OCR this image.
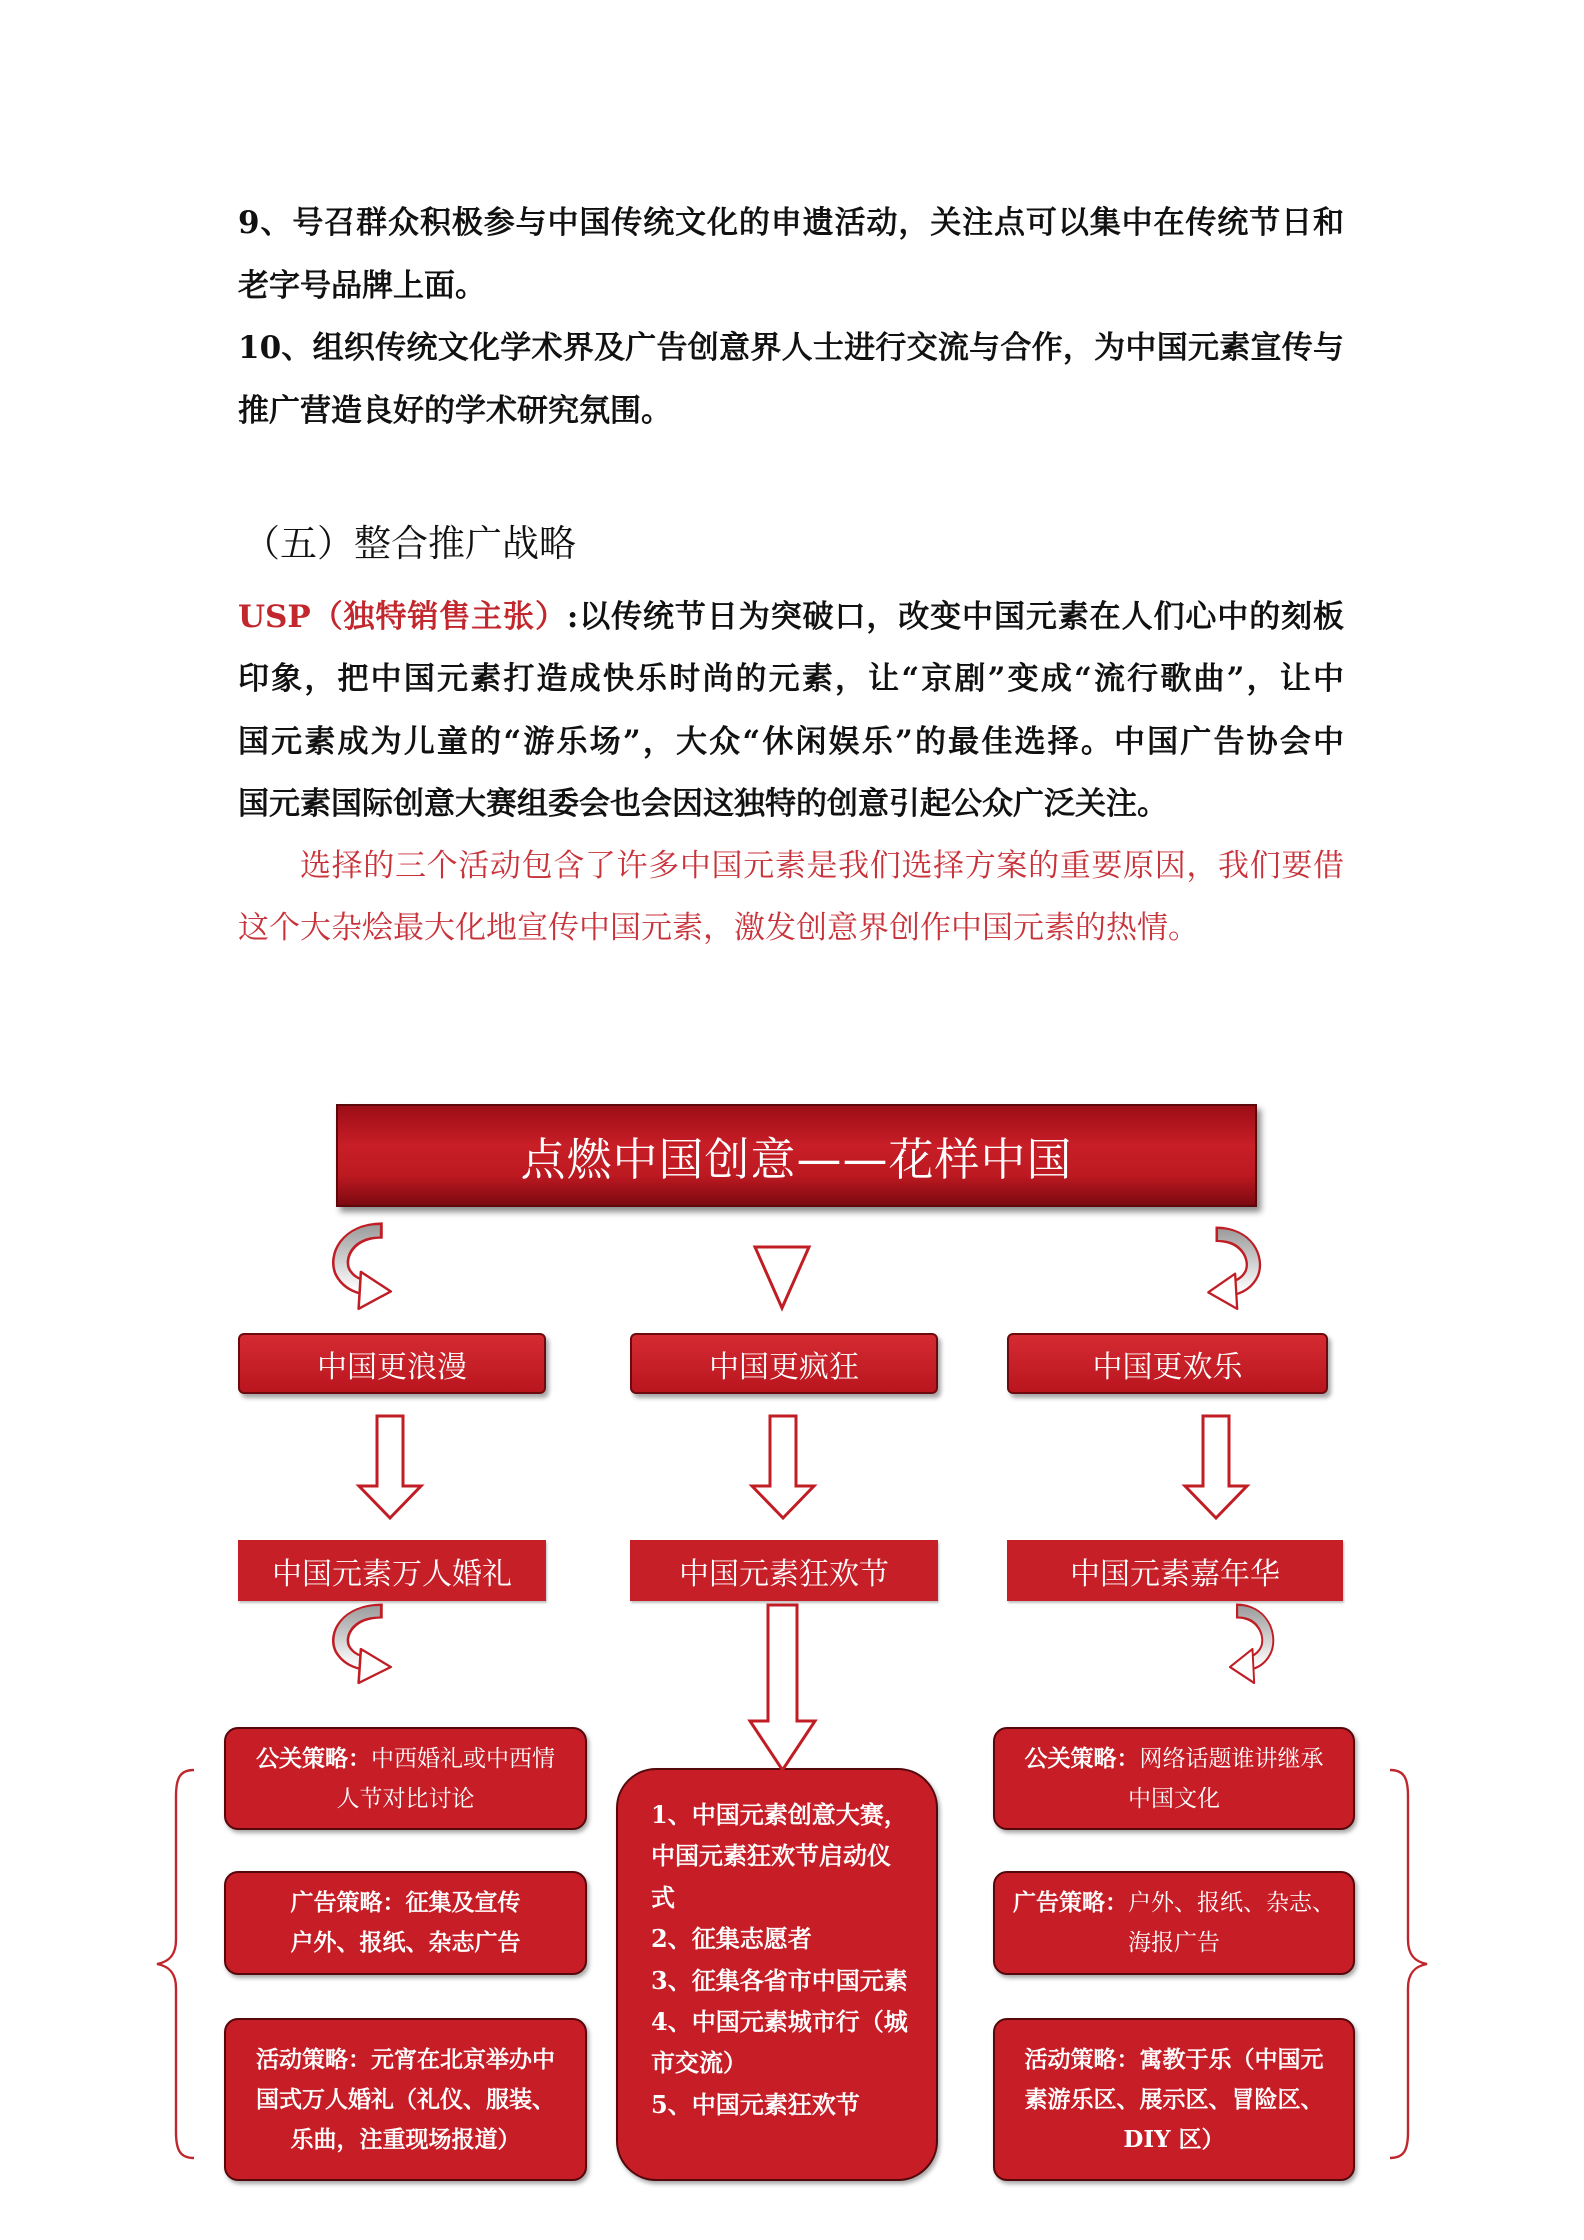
9、号召群众积极参与中国传统文化的申遗活动，关注点可以集中在传统节日和
老字号品牌上面。
10、组织传统文化学术界及广告创意界人士进行交流与合作，为中国元素宣传与
推广营造良好的学术研究氛围。
（五）整合推广战略
USP（独特销售主张）:以传统节日为突破口，改变中国元素在人们心中的刻板
印象，把中国元素打造成快乐时尚的元素，让“京剧”变成“流行歌曲”，让中
国元素成为儿童的“游乐场”，大众“休闲娱乐”的最佳选择。中国广告协会中
国元素国际创意大赛组委会也会因这独特的创意引起公众广泛关注。
选择的三个活动包含了许多中国元素是我们选择方案的重要原因，我们要借
这个大杂烩最大化地宣传中国元素，激发创意界创作中国元素的热情。
点燃中国创意——花样中国
中国更浪漫	中国更疯狂	中国更欢乐
中国元素万人婚礼	中国元素狂欢节	中国元素嘉年华
公关策略：中西婚礼或中西情
人节对比讨论
广告策略：征集及宣传
户外、报纸、杂志广告
活动策略：元宵在北京举办中
国式万人婚礼（礼仪、服装、
乐曲，注重现场报道）
1、中国元素创意大赛，
中国元素狂欢节启动仪
式
2、征集志愿者
3、征集各省市中国元素
4、中国元素城市行（城
市交流）
5、中国元素狂欢节
公关策略：网络话题谁讲继承
中国文化
广告策略：户外、报纸、杂志、
海报广告
活动策略：寓教于乐（中国元
素游乐区、展示区、冒险区、
DIY 区）
